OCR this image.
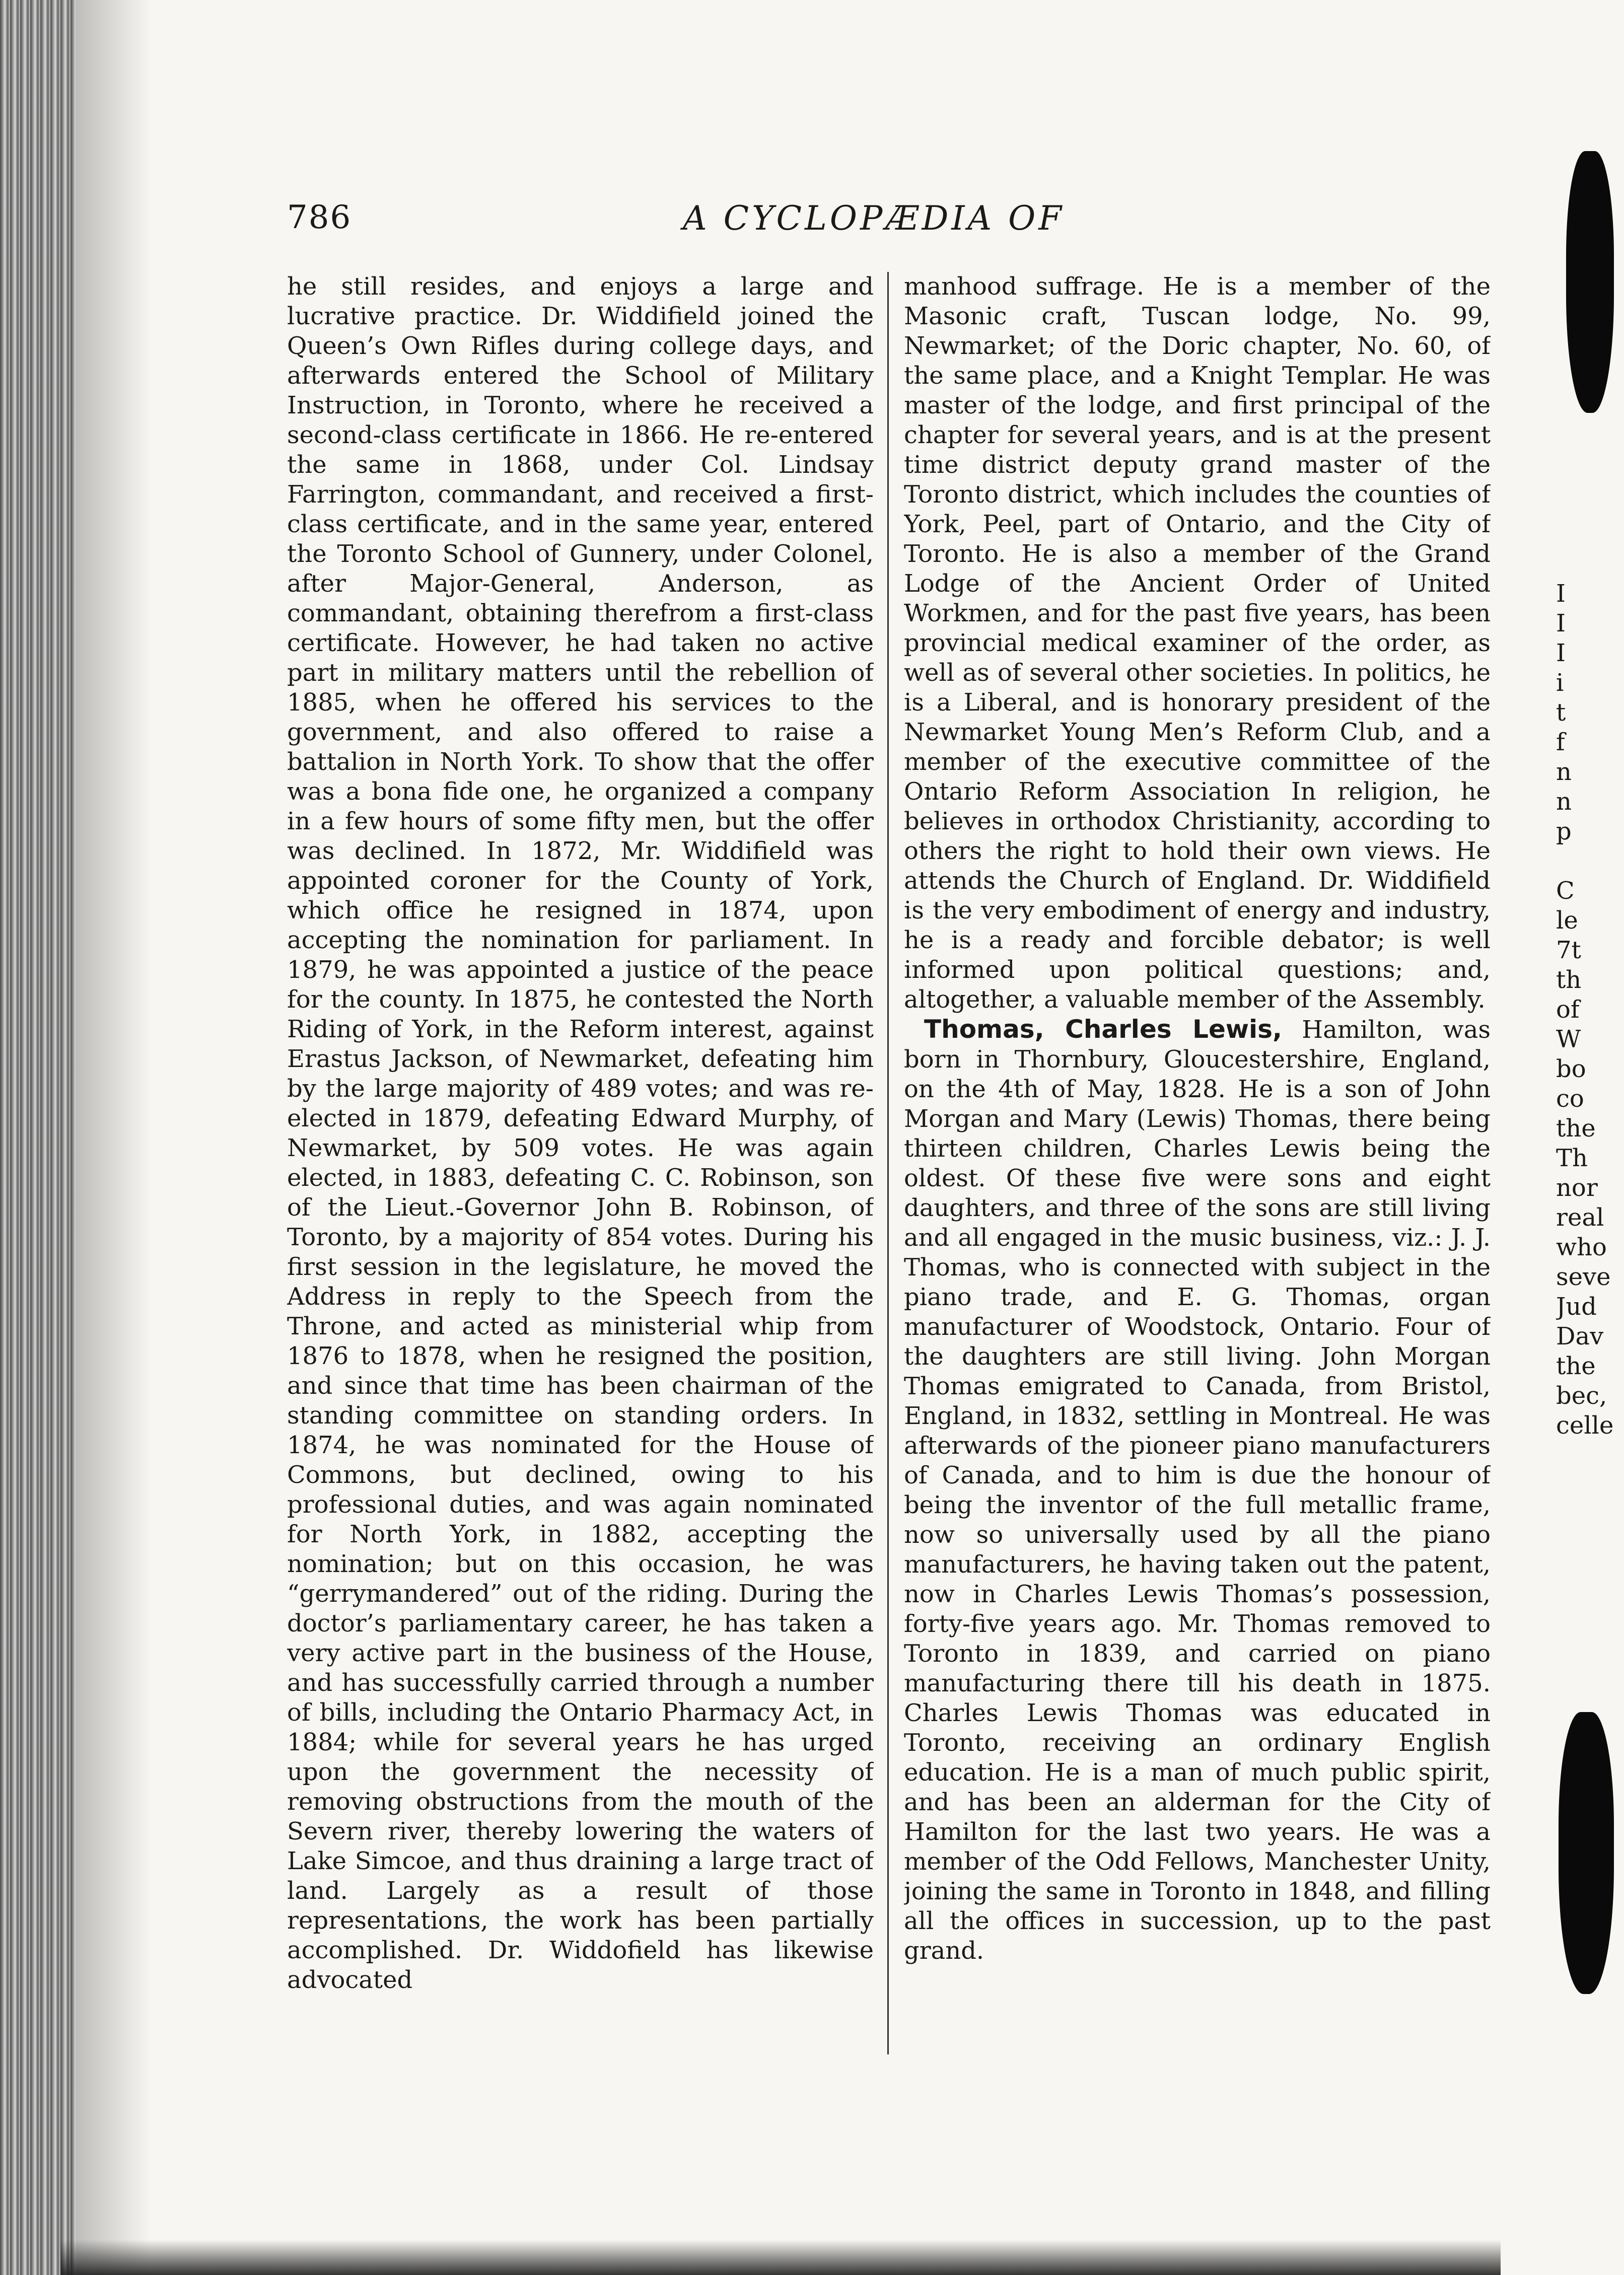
786	A CYCLOPÆDIA OF

he still resides, and enjoys a large and lucrative practice. Dr. Widdifield joined the Queen’s Own Rifles during college days, and afterwards entered the School of Military Instruction, in Toronto, where he received a second-class certificate in 1866. He re-entered the same in 1868, under Col. Lindsay Farrington, commandant, and received a first-class certificate, and in the same year, entered the Toronto School of Gunnery, under Colonel, after Major-General, Anderson, as commandant, obtaining therefrom a first-class certificate. However, he had taken no active part in military matters until the rebellion of 1885, when he offered his services to the government, and also offered to raise a battalion in North York. To show that the offer was a bona fide one, he organized a company in a few hours of some fifty men, but the offer was declined. In 1872, Mr. Widdifield was appointed coroner for the County of York, which office he resigned in 1874, upon accepting the nomination for parliament. In 1879, he was appointed a justice of the peace for the county. In 1875, he contested the North Riding of York, in the Reform interest, against Erastus Jackson, of Newmarket, defeating him by the large majority of 489 votes; and was re-elected in 1879, defeating Edward Murphy, of Newmarket, by 509 votes. He was again elected, in 1883, defeating C. C. Robinson, son of the Lieut.-Governor John B. Robinson, of Toronto, by a majority of 854 votes. During his first session in the legislature, he moved the Address in reply to the Speech from the Throne, and acted as ministerial whip from 1876 to 1878, when he resigned the position, and since that time has been chairman of the standing committee on standing orders. In 1874, he was nominated for the House of Commons, but declined, owing to his professional duties, and was again nominated for North York, in 1882, accepting the nomination; but on this occasion, he was “gerrymandered” out of the riding. During the doctor’s parliamentary career, he has taken a very active part in the business of the House, and has successfully carried through a number of bills, including the Ontario Pharmacy Act, in 1884; while for several years he has urged upon the government the necessity of removing obstructions from the mouth of the Severn river, thereby lowering the waters of Lake Simcoe, and thus draining a large tract of land. Largely as a result of those representations, the work has been partially accomplished. Dr. Widdofield has likewise advocated

manhood suffrage. He is a member of the Masonic craft, Tuscan lodge, No. 99, Newmarket; of the Doric chapter, No. 60, of the same place, and a Knight Templar. He was master of the lodge, and first principal of the chapter for several years, and is at the present time district deputy grand master of the Toronto district, which includes the counties of York, Peel, part of Ontario, and the City of Toronto. He is also a member of the Grand Lodge of the Ancient Order of United Workmen, and for the past five years, has been provincial medical examiner of the order, as well as of several other societies. In politics, he is a Liberal, and is honorary president of the Newmarket Young Men’s Reform Club, and a member of the executive committee of the Ontario Reform Association In religion, he believes in orthodox Christianity, according to others the right to hold their own views. He attends the Church of England. Dr. Widdifield is the very embodiment of energy and industry, he is a ready and forcible debator; is well informed upon political questions; and, altogether, a valuable member of the Assembly.

Thomas, Charles Lewis, Hamilton, was born in Thornbury, Gloucestershire, England, on the 4th of May, 1828. He is a son of John Morgan and Mary (Lewis) Thomas, there being thirteen children, Charles Lewis being the oldest. Of these five were sons and eight daughters, and three of the sons are still living and all engaged in the music business, viz.: J. J. Thomas, who is connected with subject in the piano trade, and E. G. Thomas, organ manufacturer of Woodstock, Ontario. Four of the daughters are still living. John Morgan Thomas emigrated to Canada, from Bristol, England, in 1832, settling in Montreal. He was afterwards of the pioneer piano manufacturers of Canada, and to him is due the honour of being the inventor of the full metallic frame, now so universally used by all the piano manufacturers, he having taken out the patent, now in Charles Lewis Thomas’s possession, forty-five years ago. Mr. Thomas removed to Toronto in 1839, and carried on piano manufacturing there till his death in 1875. Charles Lewis Thomas was educated in Toronto, receiving an ordinary English education. He is a man of much public spirit, and has been an alderman for the City of Hamilton for the last two years. He was a member of the Odd Fellows, Manchester Unity, joining the same in Toronto in 1848, and filling all the offices in succession, up to the past grand.

I
I
I
i
t
f
n
n
p
C
le
7t
th
of
W
bo
co
the
Th
nor
real
who
seve
Jud
Dav
the
bec,
celle
